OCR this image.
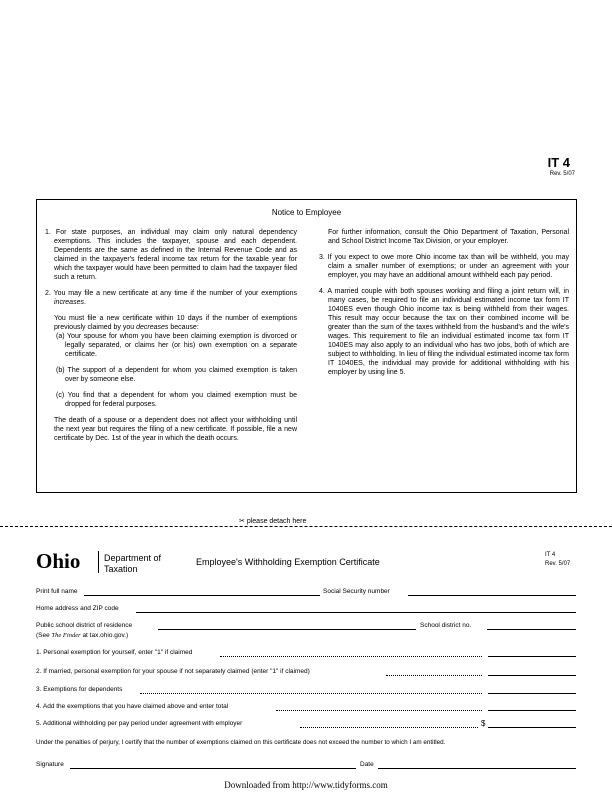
IT 4
Rev. 5/07
Notice to Employee

1. For state purposes, an individual may claim only natural dependency exemptions. This includes the taxpayer, spouse and each dependent. Dependents are the same as defined in the Internal Revenue Code and as claimed in the taxpayer's federal income tax return for the taxable year for which the taxpayer would have been permitted to claim had the taxpayer filed such a return.

2. You may file a new certificate at any time if the number of your exemptions increases.

You must file a new certificate within 10 days if the number of exemptions previously claimed by you decreases because:

(a) Your spouse for whom you have been claiming exemption is divorced or legally separated, or claims her (or his) own exemption on a separate certificate.

(b) The support of a dependent for whom you claimed exemption is taken over by someone else.

(c) You find that a dependent for whom you claimed exemption must be dropped for federal purposes.

The death of a spouse or a dependent does not affect your withholding until the next year but requires the filing of a new certificate. If possible, file a new certificate by Dec. 1st of the year in which the death occurs.

For further information, consult the Ohio Department of Taxation, Personal and School District Income Tax Division, or your employer.

3. If you expect to owe more Ohio income tax than will be withheld, you may claim a smaller number of exemptions; or under an agreement with your employer, you may have an additional amount withheld each pay period.

4. A married couple with both spouses working and filing a joint return will, in many cases, be required to file an individual estimated income tax form IT 1040ES even though Ohio income tax is being withheld from their wages. This result may occur because the tax on their combined income will be greater than the sum of the taxes withheld from the husband's and the wife's wages. This requirement to file an individual estimated income tax form IT 1040ES may also apply to an individual who has two jobs, both of which are subject to withholding. In lieu of filing the individual estimated income tax form IT 1040ES, the individual may provide for additional withholding with his employer by using line 5.

✂ please detach here
Ohio	Department of
Taxation
Employee's Withholding Exemption Certificate
IT 4
Rev. 5/07
Print full name	Social Security number
Home address and ZIP code
Public school district of residence	School district no.
(See The Finder at tax.ohio.gov.)
1. Personal exemption for yourself, enter "1" if claimed
2. If married, personal exemption for your spouse if not separately claimed (enter "1" if claimed)
3. Exemptions for dependents
4. Add the exemptions that you have claimed above and enter total
5. Additional withholding per pay period under agreement with employer	$
Under the penalties of perjury, I certify that the number of exemptions claimed on this certificate does not exceed the number to which I am entitled.
Signature	Date
Downloaded from http://www.tidyforms.com
